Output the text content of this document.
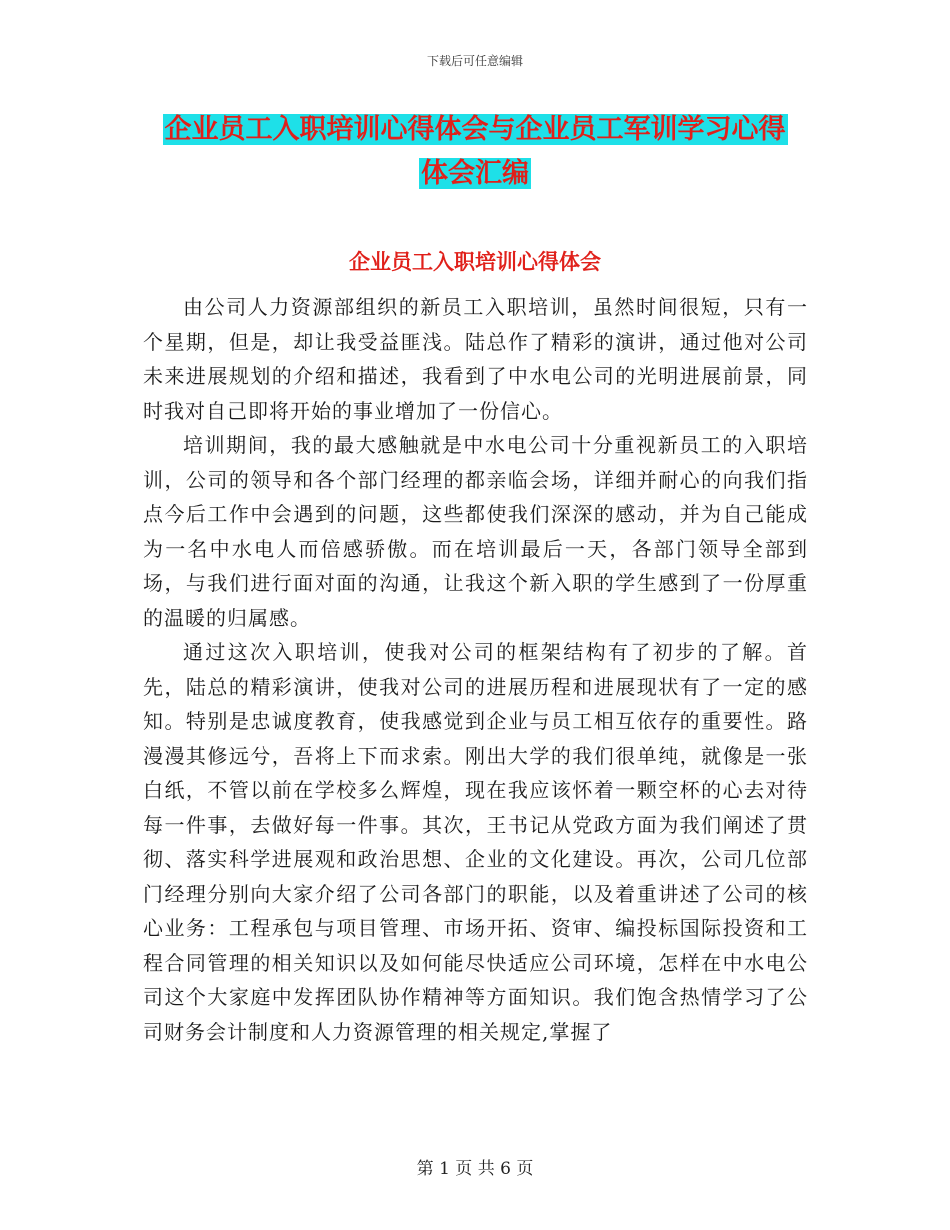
下载后可任意编辑
企业员工入职培训心得体会与企业员工军训学习心得
体会汇编
企业员工入职培训心得体会

由公司人力资源部组织的新员工入职培训，虽然时间很短，只有一个星期，但是，却让我受益匪浅。陆总作了精彩的演讲，通过他对公司未来进展规划的介绍和描述，我看到了中水电公司的光明进展前景，同时我对自己即将开始的事业增加了一份信心。

培训期间，我的最大感触就是中水电公司十分重视新员工的入职培训，公司的领导和各个部门经理的都亲临会场，详细并耐心的向我们指点今后工作中会遇到的问题，这些都使我们深深的感动，并为自己能成为一名中水电人而倍感骄傲。而在培训最后一天，各部门领导全部到场，与我们进行面对面的沟通，让我这个新入职的学生感到了一份厚重的温暖的归属感。

通过这次入职培训，使我对公司的框架结构有了初步的了解。首先，陆总的精彩演讲，使我对公司的进展历程和进展现状有了一定的感知。特别是忠诚度教育，使我感觉到企业与员工相互依存的重要性。路漫漫其修远兮，吾将上下而求索。刚出大学的我们很单纯，就像是一张白纸，不管以前在学校多么辉煌，现在我应该怀着一颗空杯的心去对待每一件事，去做好每一件事。其次，王书记从党政方面为我们阐述了贯彻、落实科学进展观和政治思想、企业的文化建设。再次，公司几位部门经理分别向大家介绍了公司各部门的职能，以及着重讲述了公司的核心业务：工程承包与项目管理、市场开拓、资审、编投标国际投资和工程合同管理的相关知识以及如何能尽快适应公司环境，怎样在中水电公司这个大家庭中发挥团队协作精神等方面知识。我们饱含热情学习了公司财务会计制度和人力资源管理的相关规定,掌握了

第 1 页 共 6 页
